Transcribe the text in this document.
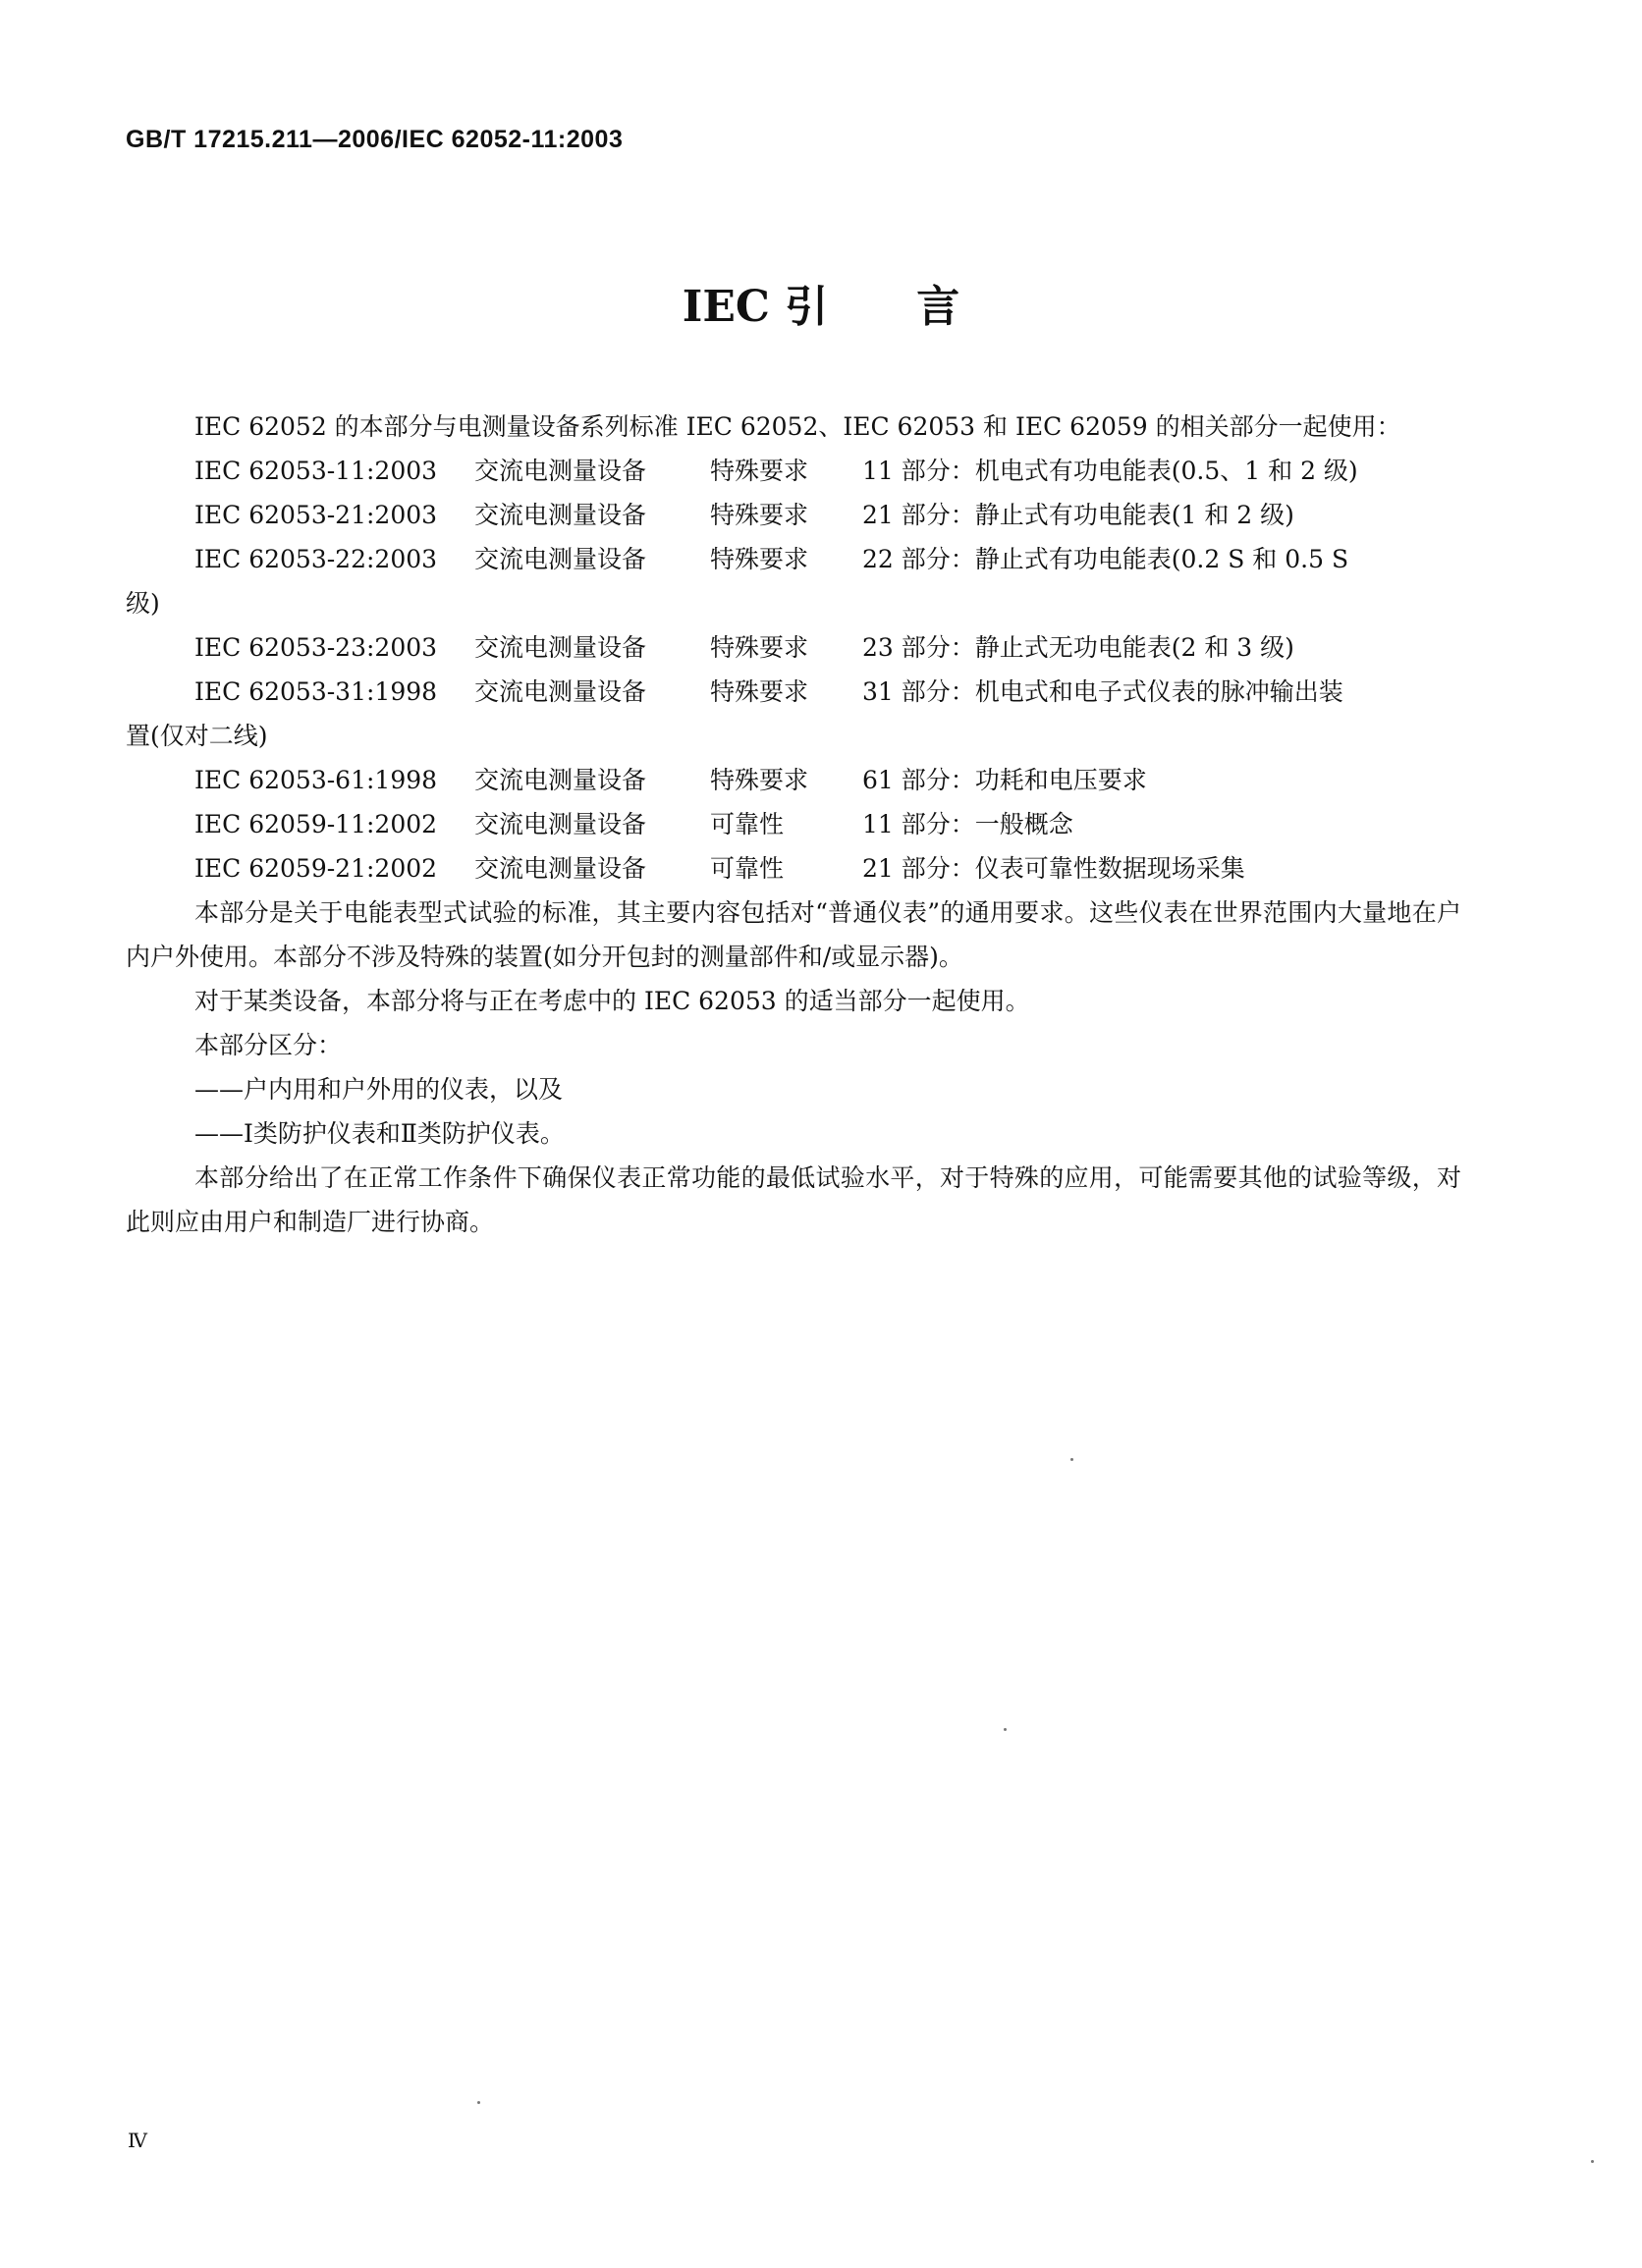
GB/T 17215.211—2006/IEC 62052-11:2003
IEC 引 言

IEC 62052 的本部分与电测量设备系列标准 IEC 62052、IEC 62053 和 IEC 62059 的相关部分一起使用：

IEC 62053-11:2003	交流电测量设备	特殊要求	11 部分：机电式有功电能表(0.5、1 和 2 级)
IEC 62053-21:2003	交流电测量设备	特殊要求	21 部分：静止式有功电能表(1 和 2 级)
IEC 62053-22:2003	交流电测量设备	特殊要求	22 部分：静止式有功电能表(0.2 S 和 0.5 S
级)
IEC 62053-23:2003	交流电测量设备	特殊要求	23 部分：静止式无功电能表(2 和 3 级)
IEC 62053-31:1998	交流电测量设备	特殊要求	31 部分：机电式和电子式仪表的脉冲输出装
置(仅对二线)
IEC 62053-61:1998	交流电测量设备	特殊要求	61 部分：功耗和电压要求
IEC 62059-11:2002	交流电测量设备	可靠性	11 部分：一般概念
IEC 62059-21:2002	交流电测量设备	可靠性	21 部分：仪表可靠性数据现场采集

本部分是关于电能表型式试验的标准，其主要内容包括对“普通仪表”的通用要求。这些仪表在世界范围内大量地在户内户外使用。本部分不涉及特殊的装置(如分开包封的测量部件和/或显示器)。

对于某类设备，本部分将与正在考虑中的 IEC 62053 的适当部分一起使用。

本部分区分：

——户内用和户外用的仪表，以及

——Ⅰ类防护仪表和Ⅱ类防护仪表。

本部分给出了在正常工作条件下确保仪表正常功能的最低试验水平，对于特殊的应用，可能需要其他的试验等级，对此则应由用户和制造厂进行协商。

Ⅳ
